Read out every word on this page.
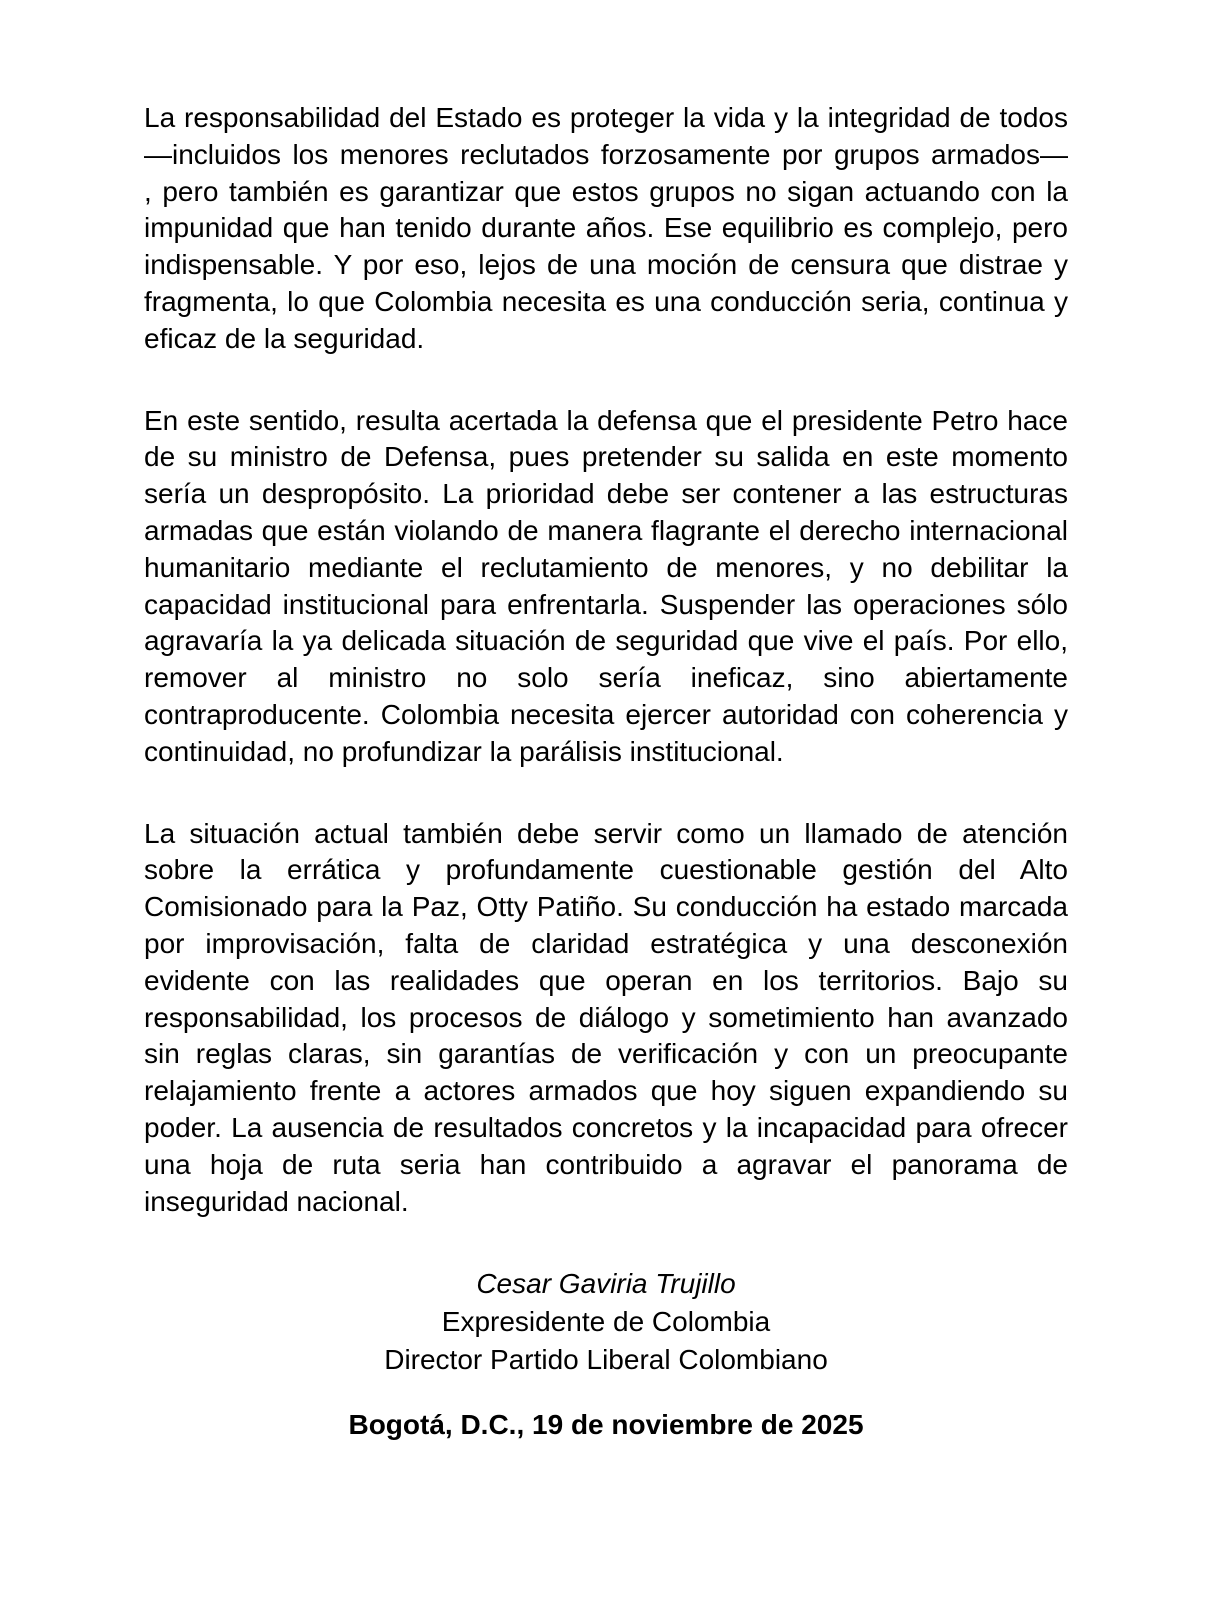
La responsabilidad del Estado es proteger la vida y la integridad de todos
—incluidos los menores reclutados forzosamente por grupos armados—
, pero también es garantizar que estos grupos no sigan actuando con la
impunidad que han tenido durante años. Ese equilibrio es complejo, pero
indispensable. Y por eso, lejos de una moción de censura que distrae y
fragmenta, lo que Colombia necesita es una conducción seria, continua y
eficaz de la seguridad.
En este sentido, resulta acertada la defensa que el presidente Petro hace
de su ministro de Defensa, pues pretender su salida en este momento
sería un despropósito. La prioridad debe ser contener a las estructuras
armadas que están violando de manera flagrante el derecho internacional
humanitario mediante el reclutamiento de menores, y no debilitar la
capacidad institucional para enfrentarla. Suspender las operaciones sólo
agravaría la ya delicada situación de seguridad que vive el país. Por ello,
remover al ministro no solo sería ineficaz, sino abiertamente
contraproducente. Colombia necesita ejercer autoridad con coherencia y
continuidad, no profundizar la parálisis institucional.
La situación actual también debe servir como un llamado de atención
sobre la errática y profundamente cuestionable gestión del Alto
Comisionado para la Paz, Otty Patiño. Su conducción ha estado marcada
por improvisación, falta de claridad estratégica y una desconexión
evidente con las realidades que operan en los territorios. Bajo su
responsabilidad, los procesos de diálogo y sometimiento han avanzado
sin reglas claras, sin garantías de verificación y con un preocupante
relajamiento frente a actores armados que hoy siguen expandiendo su
poder. La ausencia de resultados concretos y la incapacidad para ofrecer
una hoja de ruta seria han contribuido a agravar el panorama de
inseguridad nacional.
Cesar Gaviria Trujillo
Expresidente de Colombia
Director Partido Liberal Colombiano
Bogotá, D.C., 19 de noviembre de 2025
